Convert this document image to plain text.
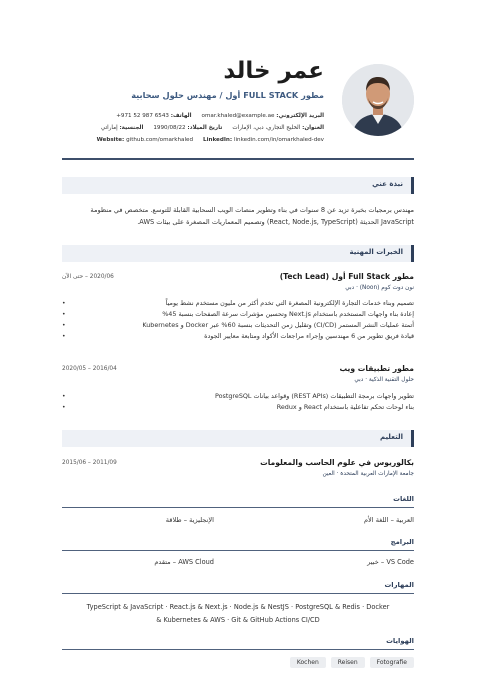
عمر خالد
مطور FULL STACK أول / مهندس حلول سحابية
البريد الإلكتروني: omar.khaled@example.ae
الهاتف: +971 52 987 6543
العنوان: الخليج التجاري، دبي، الإمارات
تاريخ الميلاد: 1990/08/22
الجنسية: إماراتي
Website: github.com/omarkhaled LinkedIn: linkedin.com/in/omarkhaled-dev
نبذة عني
مهندس برمجيات بخبرة تزيد عن 8 سنوات في بناء وتطوير منصات الويب السحابية القابلة للتوسع. متخصص في منظومة JavaScript الحديثة (React, Node.js, TypeScript) وتصميم المعماريات المصغرة على بيئات AWS.
الخبرات المهنية
مطور Full Stack أول (Tech Lead)
2020/06 – حتى الآن
نون دوت كوم (Noon) · دبي
•	تصميم وبناء خدمات التجارة الإلكترونية المصغرة التي تخدم أكثر من مليون مستخدم نشط يومياً
•	إعادة بناء واجهات المستخدم باستخدام Next.js وتحسين مؤشرات سرعة الصفحات بنسبة 45%
•	أتمتة عمليات النشر المستمر (CI/CD) وتقليل زمن التحديثات بنسبة 60% عبر Docker و Kubernetes
•	قيادة فريق تطوير من 6 مهندسين وإجراء مراجعات الأكواد ومتابعة معايير الجودة
مطور تطبيقات ويب
2016/04 – 2020/05
حلول التقنية الذكية · دبي
•	تطوير واجهات برمجة التطبيقات (REST APIs) وقواعد بيانات PostgreSQL
•	بناء لوحات تحكم تفاعلية باستخدام React و Redux
التعليم
بكالوريوس في علوم الحاسب والمعلومات
2011/09 – 2015/06
جامعة الإمارات العربية المتحدة · العين
اللغات
العربية – اللغة الأم
الإنجليزية – طلاقة
البرامج
VS Code – خبير
AWS Cloud – متقدم
المهارات
TypeScript & JavaScript · React.js & Next.js · Node.js & NestJS · PostgreSQL & Redis · Docker
& Kubernetes & AWS · Git & GitHub Actions CI/CD
الهوايات
Kochen	Reisen	Fotografie
